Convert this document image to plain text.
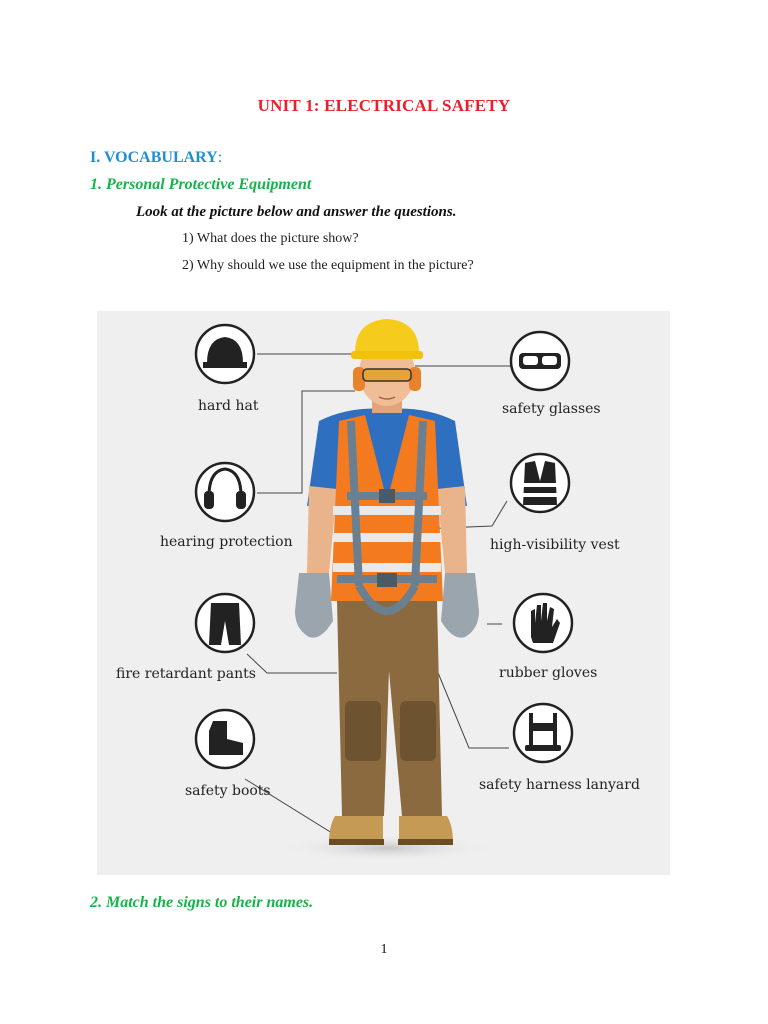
UNIT 1: ELECTRICAL SAFETY
I. VOCABULARY:
1. Personal Protective Equipment
Look at the picture below and answer the questions.
1) What does the picture show?
2) Why should we use the equipment in the picture?
hard hat
hearing protection
fire retardant pants
safety boots
safety glasses
high-visibility vest
rubber gloves
safety harness lanyard
2. Match the signs to their names.
1
